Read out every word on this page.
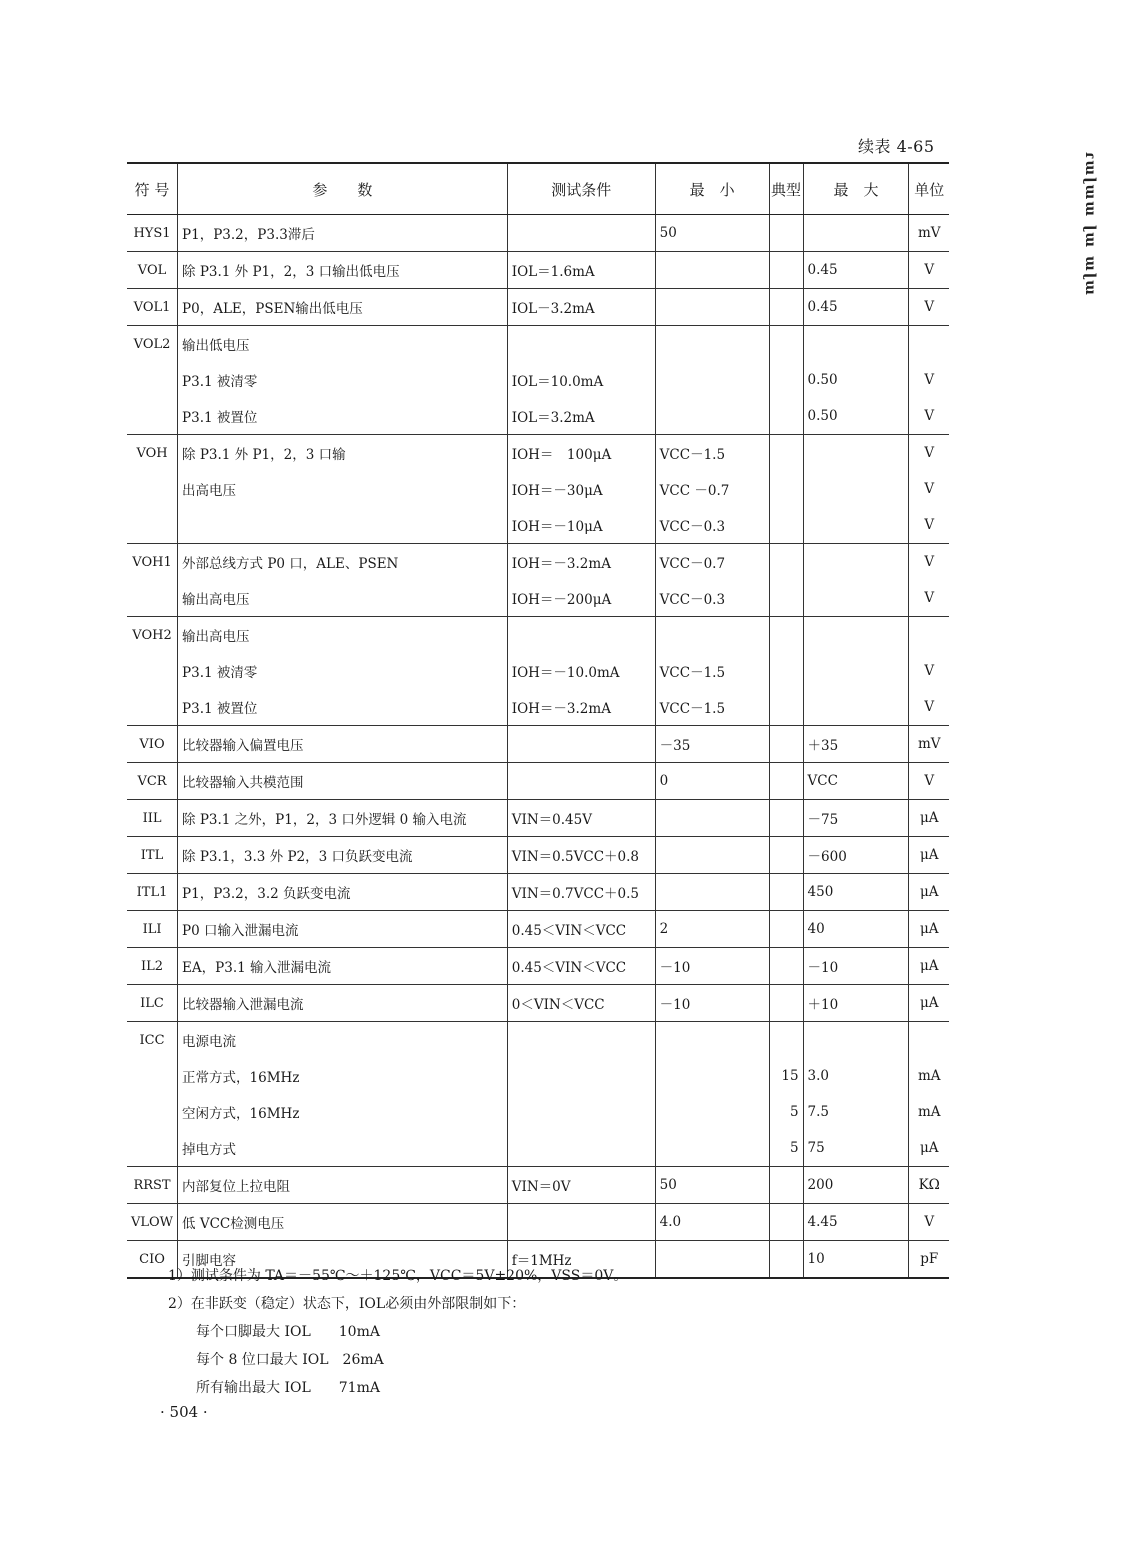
续表 4-65
ɾɯɭɯɯ ɭɯ ɯɭɯ
符 号	参　　数	测试条件	最　小	典型	最　大	单位
HYS1	P1，P3.2，P3.3滞后		50			mV
VOL	除 P3.1 外 P1，2，3 口输出低电压	IOL＝1.6mA			0.45	V
VOL1	P0，ALE，PSEN输出低电压	IOL－3.2mA			0.45	V
VOL2	输出低电压					
	P3.1 被清零	IOL＝10.0mA			0.50	V
	P3.1 被置位	IOL＝3.2mA			0.50	V
VOH	除 P3.1 外 P1，2，3 口输	IOH＝　100μA	VCC－1.5			V
	出高电压	IOH＝－30μA	VCC －0.7			V
		IOH＝－10μA	VCC－0.3			V
VOH1	外部总线方式 P0 口，ALE、PSEN	IOH＝－3.2mA	VCC－0.7			V
	输出高电压	IOH＝－200μA	VCC－0.3			V
VOH2	输出高电压					
	P3.1 被清零	IOH＝－10.0mA	VCC－1.5			V
	P3.1 被置位	IOH＝－3.2mA	VCC－1.5			V
VIO	比较器输入偏置电压		－35		＋35	mV
VCR	比较器输入共模范围		0		VCC	V
IIL	除 P3.1 之外，P1，2，3 口外逻辑 0 输入电流	VIN＝0.45V			－75	μA
ITL	除 P3.1，3.3 外 P2，3 口负跃变电流	VIN＝0.5VCC＋0.8			－600	μA
ITL1	P1，P3.2，3.2 负跃变电流	VIN＝0.7VCC＋0.5			450	μA
ILI	P0 口输入泄漏电流	0.45＜VIN＜VCC	2		40	μA
IL2	EA，P3.1 输入泄漏电流	0.45＜VIN＜VCC	－10		－10	μA
ILC	比较器输入泄漏电流	0＜VIN＜VCC	－10		＋10	μA
ICC	电源电流					
	正常方式，16MHz			15	3.0	mA
	空闲方式，16MHz			5	7.5	mA
	掉电方式			5	75	μA
RRST	内部复位上拉电阻	VIN＝0V	50		200	KΩ
VLOW	低 VCC检测电压		4.0		4.45	V
CIO	引脚电容	f＝1MHz			10	pF
1）测试条件为 TA＝－55℃～＋125℃，VCC＝5V±20%，VSS＝0V。
2）在非跃变（稳定）状态下，IOL必须由外部限制如下：
每个口脚最大 IOL　　10mA
每个 8 位口最大 IOL　26mA
所有输出最大 IOL　　71mA
· 504 ·
